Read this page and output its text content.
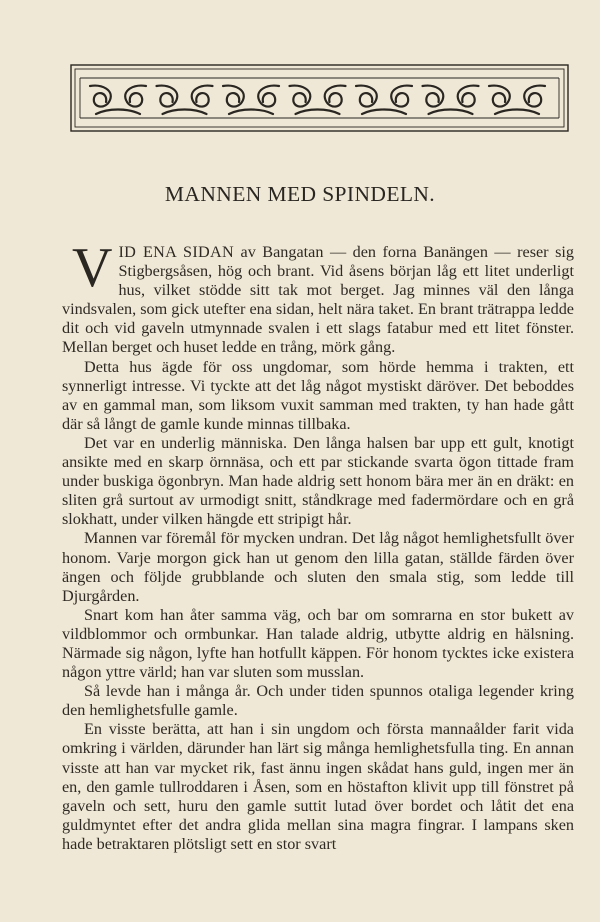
MANNEN MED SPINDELN.

VID ENA SIDAN av Bangatan — den forna Banängen — reser sig Stigbergsåsen, hög och brant. Vid åsens början låg ett litet underligt hus, vilket stödde sitt tak mot berget. Jag minnes väl den långa vindsvalen, som gick utefter ena sidan, helt nära taket. En brant trätrappa ledde dit och vid gaveln utmynnade svalen i ett slags fatabur med ett litet fönster. Mellan berget och huset ledde en trång, mörk gång.

Detta hus ägde för oss ungdomar, som hörde hemma i trakten, ett synnerligt intresse. Vi tyckte att det låg något mystiskt däröver. Det beboddes av en gammal man, som liksom vuxit samman med trakten, ty han hade gått där så långt de gamle kunde minnas tillbaka.

Det var en underlig människa. Den långa halsen bar upp ett gult, knotigt ansikte med en skarp örnnäsa, och ett par stickande svarta ögon tittade fram under buskiga ögonbryn. Man hade aldrig sett honom bära mer än en dräkt: en sliten grå surtout av urmodigt snitt, ståndkrage med fadermördare och en grå slokhatt, under vilken hängde ett stripigt hår.

Mannen var föremål för mycken undran. Det låg något hemlighetsfullt över honom. Varje morgon gick han ut genom den lilla gatan, ställde färden över ängen och följde grubblande och sluten den smala stig, som ledde till Djurgården.

Snart kom han åter samma väg, och bar om somrarna en stor bukett av vildblommor och ormbunkar. Han talade aldrig, utbytte aldrig en hälsning. Närmade sig någon, lyfte han hotfullt käppen. För honom tycktes icke existera någon yttre värld; han var sluten som musslan.

Så levde han i många år. Och under tiden spunnos otaliga legender kring den hemlighetsfulle gamle.

En visste berätta, att han i sin ungdom och första mannaålder farit vida omkring i världen, därunder han lärt sig många hemlighetsfulla ting. En annan visste att han var mycket rik, fast ännu ingen skådat hans guld, ingen mer än en, den gamle tullroddaren i Åsen, som en höstafton klivit upp till fönstret på gaveln och sett, huru den gamle suttit lutad över bordet och låtit det ena guldmyntet efter det andra glida mellan sina magra fingrar. I lampans sken hade betraktaren plötsligt sett en stor svart
